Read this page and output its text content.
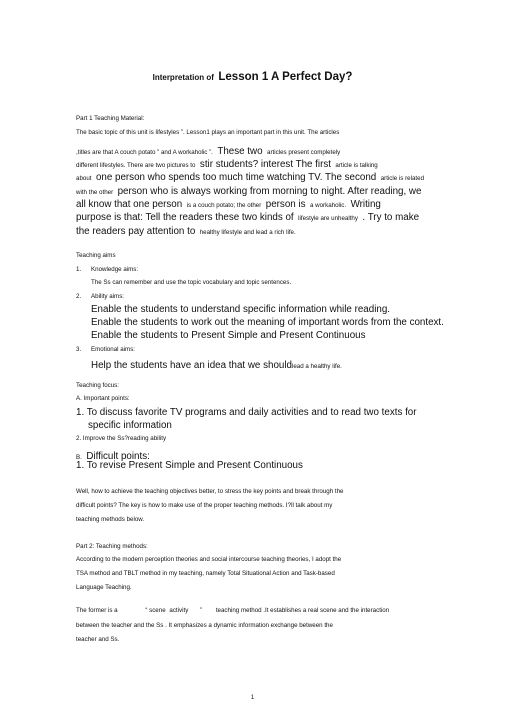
Interpretation of Lesson 1 A Perfect Day?
Part 1 Teaching Material:
The basic topic of this unit is lifestyles ”. Lesson1 plays an important part in this unit. The articles
,titles are that A couch potato ” and A workaholic ”. These two articles present completely
different lifestyles. There are two pictures to stir students? interest The first article is talking
about one person who spends too much time watching TV. The second article is related
with the other person who is always working from morning to night. After reading, we
all know that one person is a couch potato; the other person is a workaholic. Writing
purpose is that: Tell the readers these two kinds of lifestyle are unhealthy . Try to make
the readers pay attention to healthy lifestyle and lead a rich life.
Teaching aims
1. Knowledge aims:
The Ss can remember and use the topic vocabulary and topic sentences.
2. Ability aims:
Enable the students to understand specific information while reading.
Enable the students to work out the meaning of important words from the context.
Enable the students to Present Simple and Present Continuous
3. Emotional aims:
Help the students have an idea that we shouldlead a healthy life.
Teaching focus:
A. Important points:
1. To discuss favorite TV programs and daily activities and to read two texts for
specific information
2. Improve the Ss?reading ability
B. Difficult points:
1. To revise Present Simple and Present Continuous
Well, how to achieve the teaching objectives better, to stress the key points and break through the
difficult points? The key is how to make use of the proper teaching methods. I?ll talk about my
teaching methods below.
Part 2: Teaching methods:
According to the modern perception theories and social intercourse teaching theories, I adopt the
TSA method and TBLT method in my teaching, namely Total Situational Action and Task-based
Language Teaching.
The former is a	“ scene activity ” teaching method .It establishes a real scene and the interaction
between the teacher and the Ss . It emphasizes a dynamic information exchange between the
teacher and Ss.
1
